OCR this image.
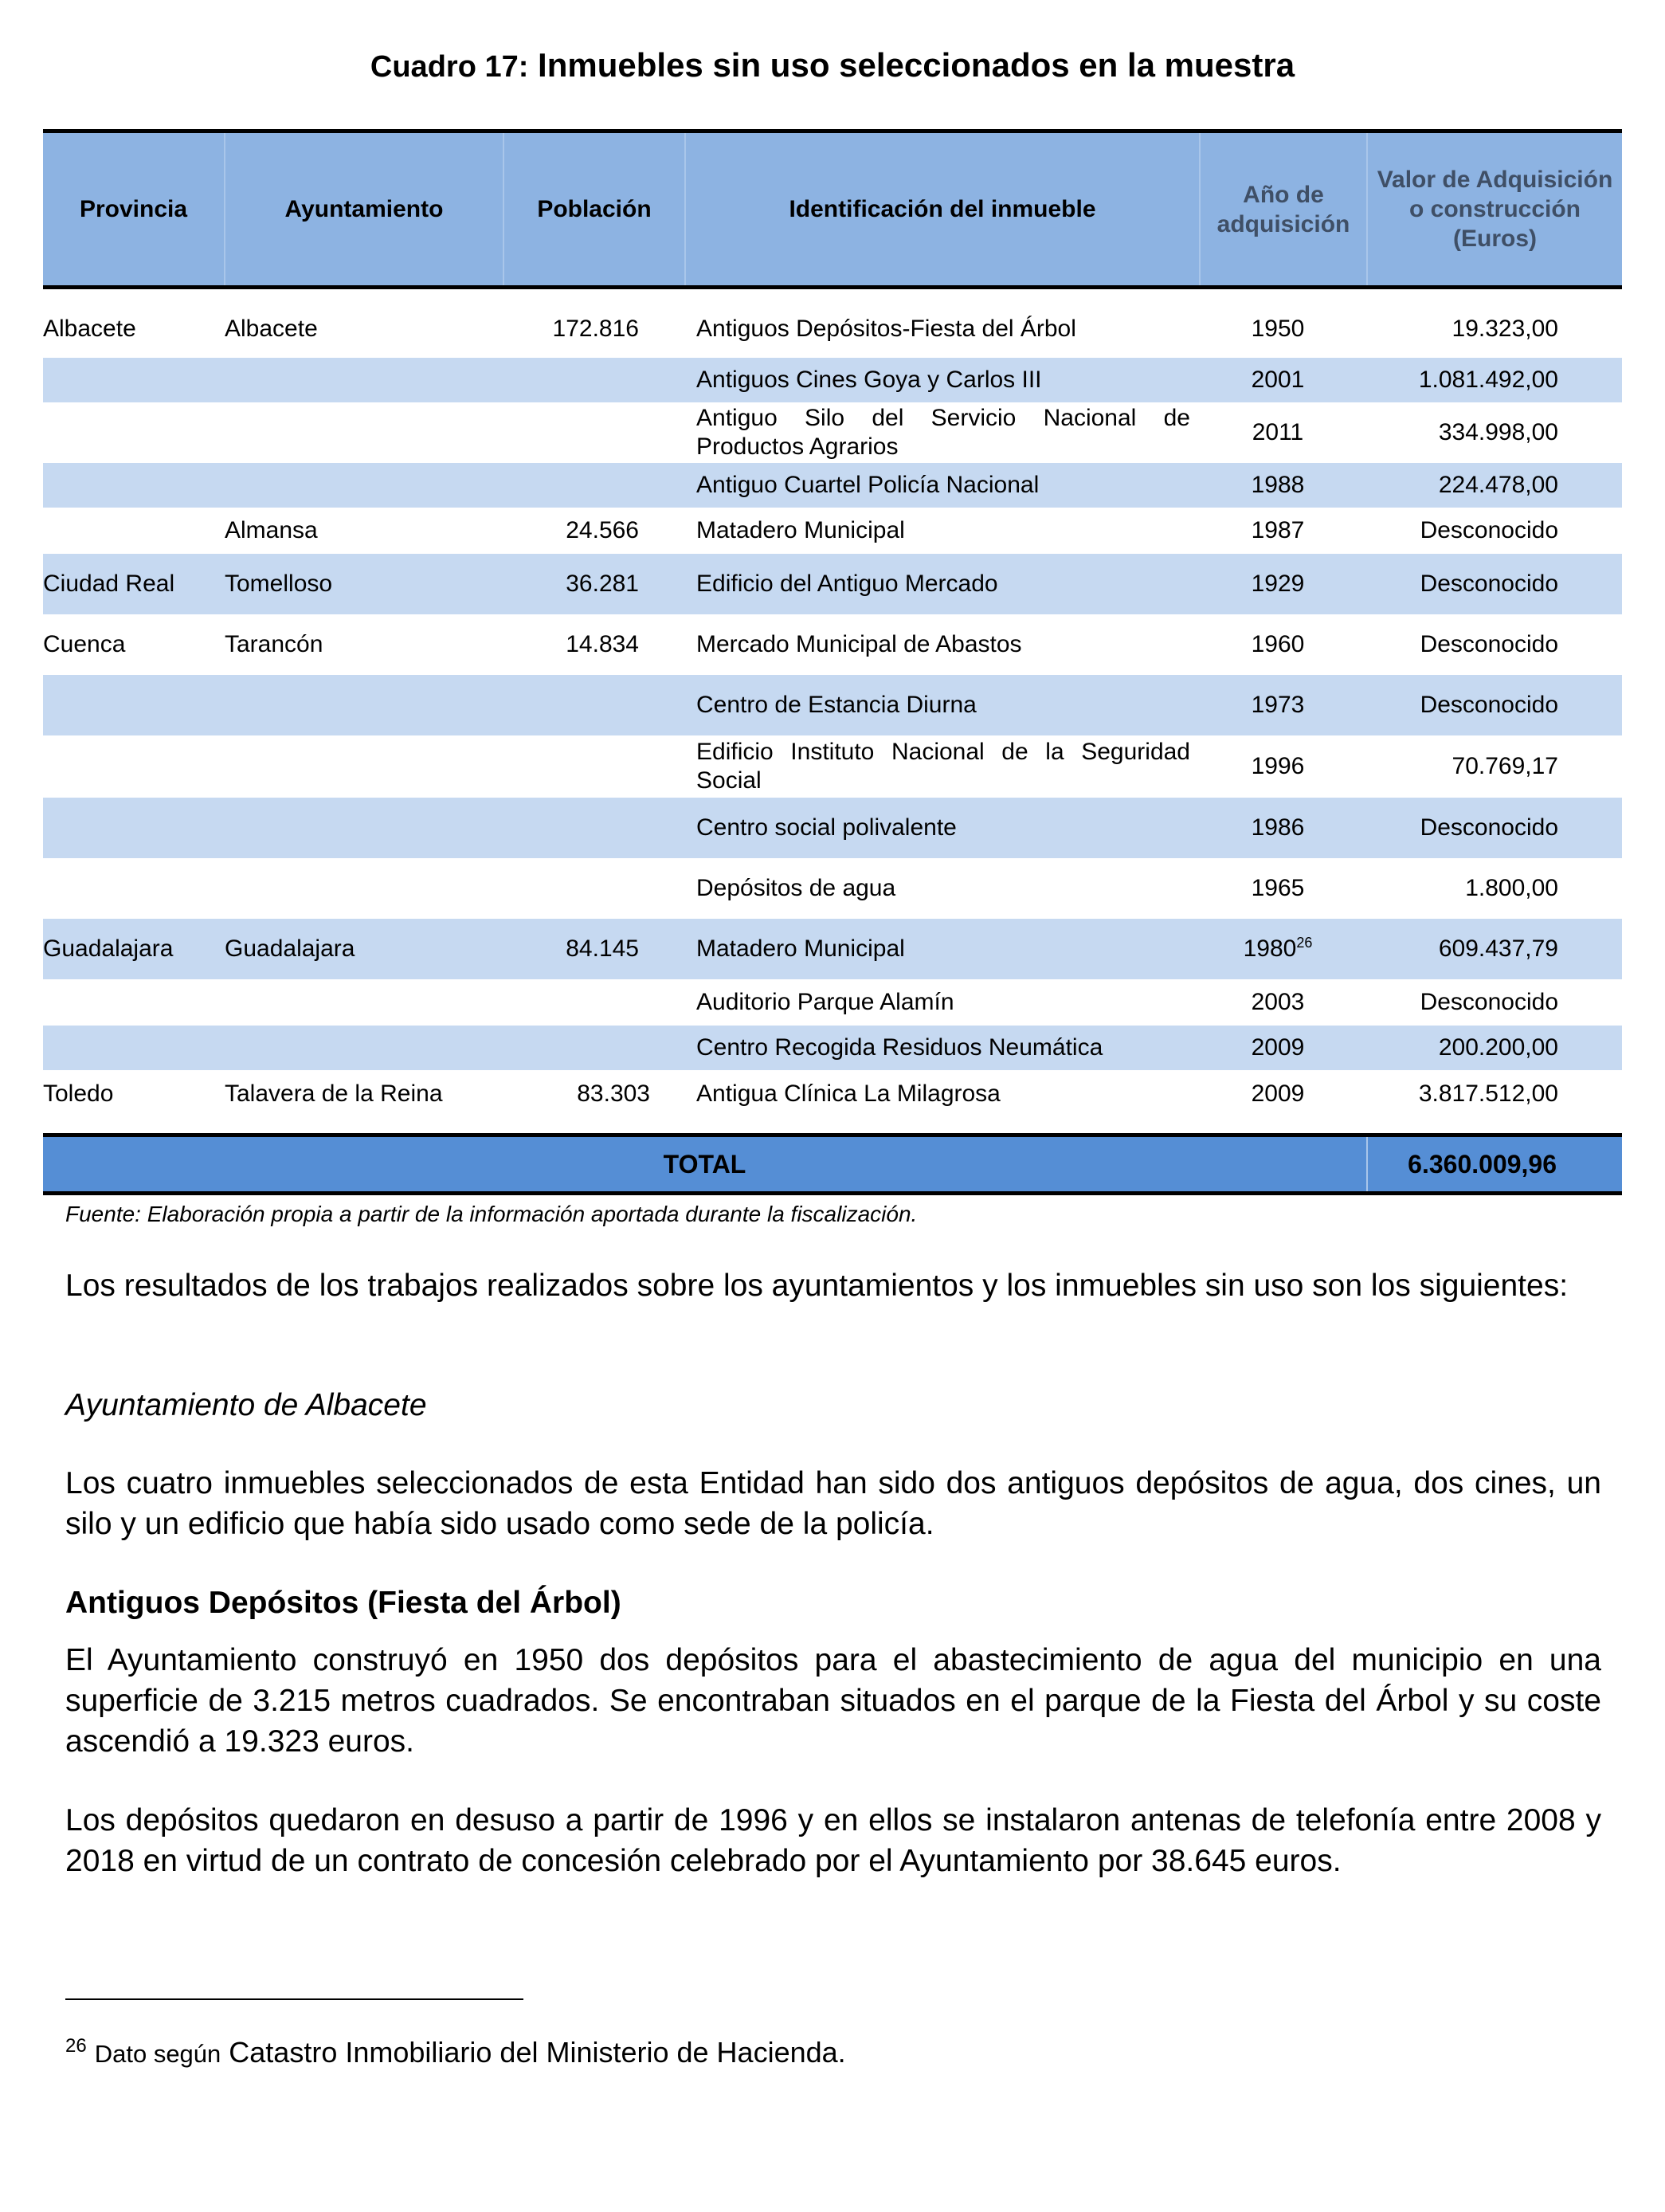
Cuadro 17: Inmuebles sin uso seleccionados en la muestra
Provincia	Ayuntamiento	Población	Identificación del inmueble	Año de adquisición	Valor de Adquisición o construcción (Euros)
Albacete	Albacete	172.816	Antiguos Depósitos-Fiesta del Árbol	1950	19.323,00
			Antiguos Cines Goya y Carlos III	2001	1.081.492,00
			Antiguo Silo del Servicio Nacional de Productos Agrarios	2011	334.998,00
			Antiguo Cuartel Policía Nacional	1988	224.478,00
	Almansa	24.566	Matadero Municipal	1987	Desconocido
Ciudad Real	Tomelloso	36.281	Edificio del Antiguo Mercado	1929	Desconocido
Cuenca	Tarancón	14.834	Mercado Municipal de Abastos	1960	Desconocido
			Centro de Estancia Diurna	1973	Desconocido
			Edificio Instituto Nacional de la Seguridad Social	1996	70.769,17
			Centro social polivalente	1986	Desconocido
			Depósitos de agua	1965	1.800,00
Guadalajara	Guadalajara	84.145	Matadero Municipal	1980$^{26}$	609.437,79
			Auditorio Parque Alamín	2003	Desconocido
			Centro Recogida Residuos Neumática	2009	200.200,00
Toledo	Talavera de la Reina	83.303	Antigua Clínica La Milagrosa	2009	3.817.512,00

TOTAL					6.360.009,96
Fuente: Elaboración propia a partir de la información aportada durante la fiscalización.
Los resultados de los trabajos realizados sobre los ayuntamientos y los inmuebles sin uso son los siguientes:
Ayuntamiento de Albacete
Los cuatro inmuebles seleccionados de esta Entidad han sido dos antiguos depósitos de agua, dos cines, un silo y un edificio que había sido usado como sede de la policía.
Antiguos Depósitos (Fiesta del Árbol)
El Ayuntamiento construyó en 1950 dos depósitos para el abastecimiento de agua del municipio en una superficie de 3.215 metros cuadrados. Se encontraban situados en el parque de la Fiesta del Árbol y su coste ascendió a 19.323 euros.
Los depósitos quedaron en desuso a partir de 1996 y en ellos se instalaron antenas de telefonía entre 2008 y 2018 en virtud de un contrato de concesión celebrado por el Ayuntamiento por 38.645 euros.
$^{26}$ Dato según Catastro Inmobiliario del Ministerio de Hacienda.
